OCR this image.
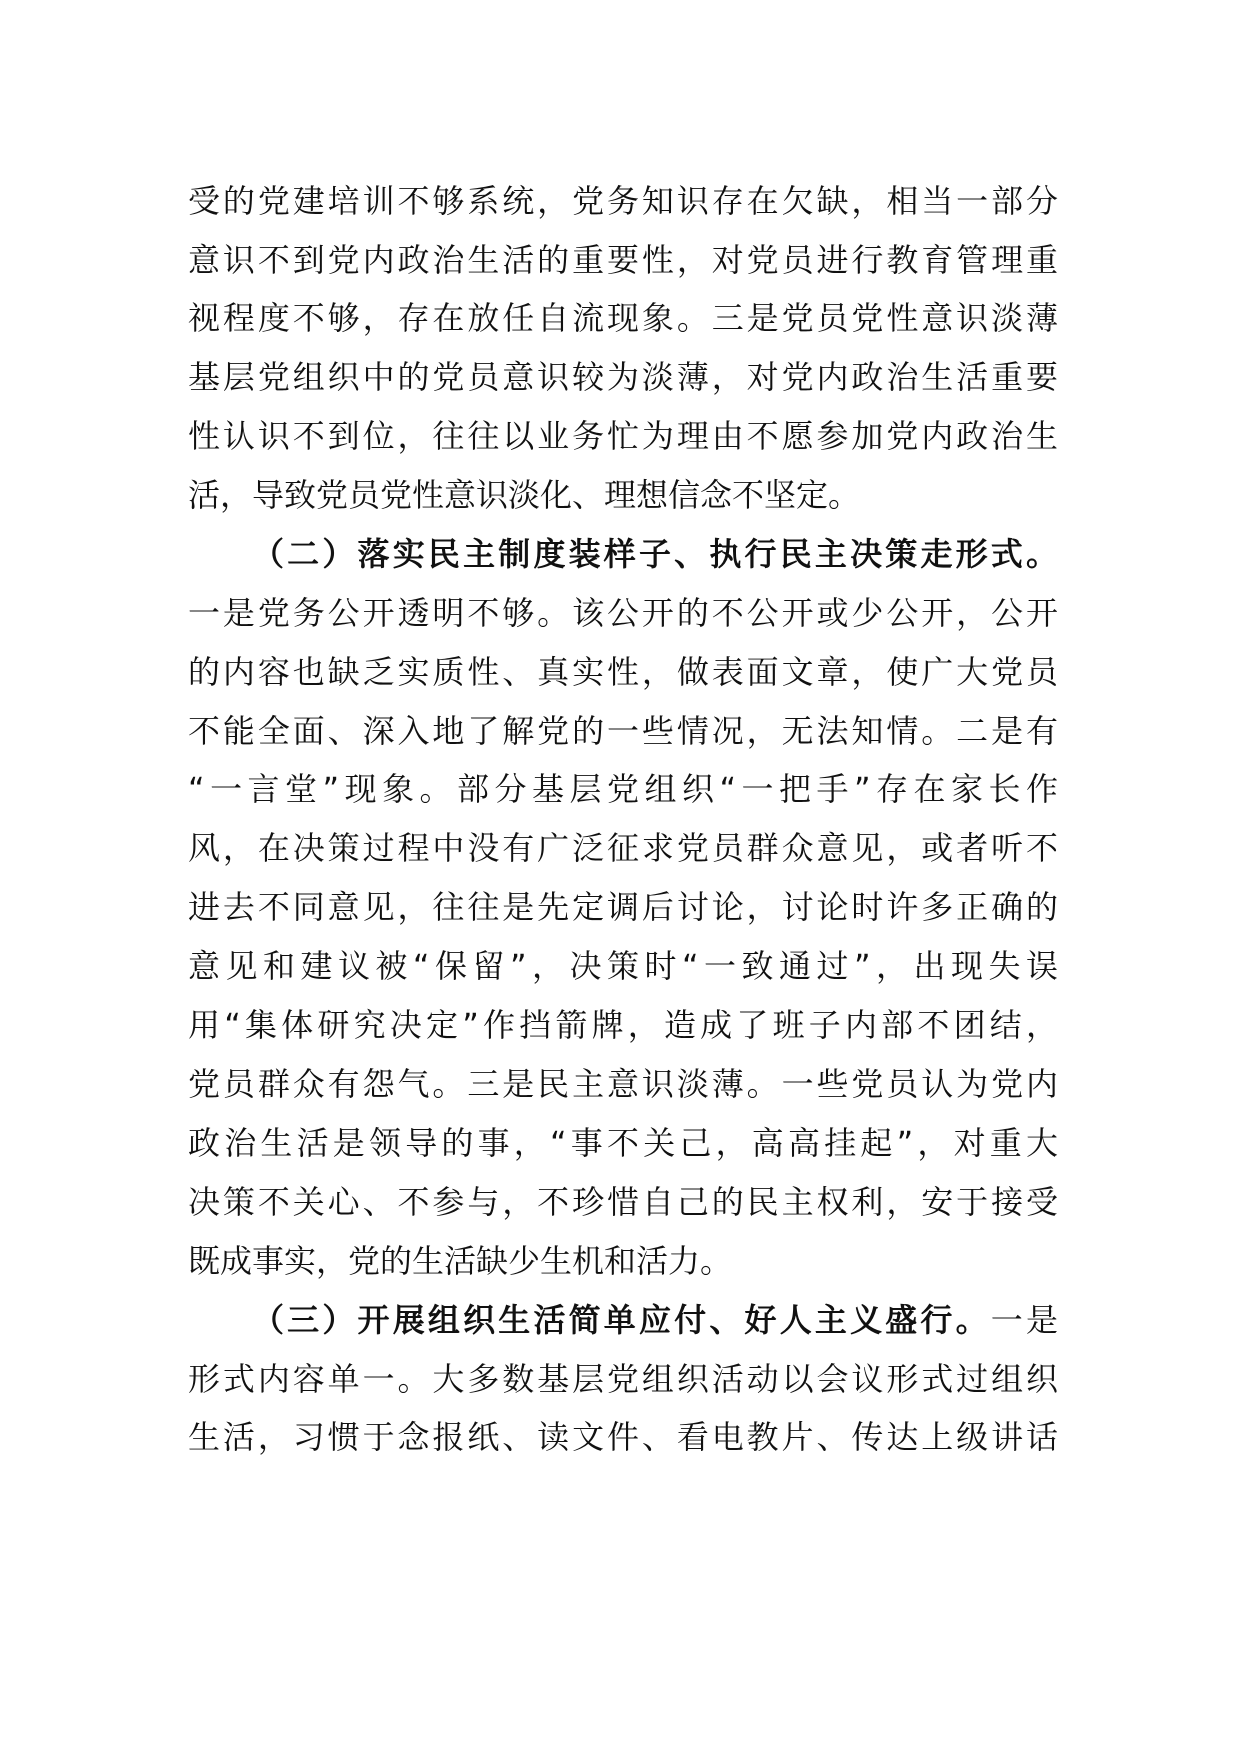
受的党建培训不够系统，党务知识存在欠缺，相当一部分
意识不到党内政治生活的重要性，对党员进行教育管理重
视程度不够，存在放任自流现象。三是党员党性意识淡薄
基层党组织中的党员意识较为淡薄，对党内政治生活重要
性认识不到位，往往以业务忙为理由不愿参加党内政治生
活，导致党员党性意识淡化、理想信念不坚定。
（二）落实民主制度装样子、执行民主决策走形式。
一是党务公开透明不够。该公开的不公开或少公开，公开
的内容也缺乏实质性、真实性，做表面文章，使广大党员
不能全面、深入地了解党的一些情况，无法知情。二是有
“一言堂”现象。部分基层党组织“一把手”存在家长作
风，在决策过程中没有广泛征求党员群众意见，或者听不
进去不同意见，往往是先定调后讨论，讨论时许多正确的
意见和建议被“保留”，决策时“一致通过”，出现失误
用“集体研究决定”作挡箭牌，造成了班子内部不团结，
党员群众有怨气。三是民主意识淡薄。一些党员认为党内
政治生活是领导的事，“事不关己，高高挂起”，对重大
决策不关心、不参与，不珍惜自己的民主权利，安于接受
既成事实，党的生活缺少生机和活力。
（三）开展组织生活简单应付、好人主义盛行。一是
形式内容单一。大多数基层党组织活动以会议形式过组织
生活，习惯于念报纸、读文件、看电教片、传达上级讲话
